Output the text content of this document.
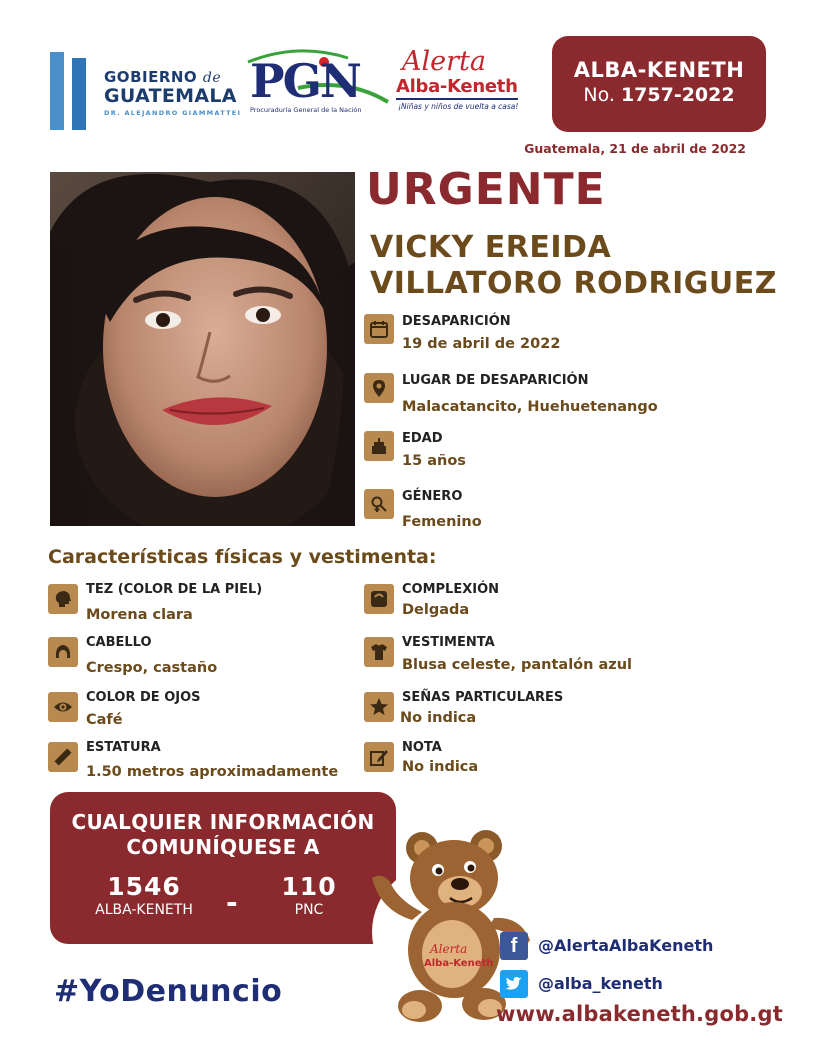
GOBIERNO de
GUATEMALA
DR. ALEJANDRO GIAMMATTEI
PGN
Procuraduría General de la Nación
Alerta
Alba-Keneth
¡Niñas y niños de vuelta a casa!
ALBA-KENETH
No. 1757-2022
Guatemala, 21 de abril de 2022
URGENTE
VICKY EREIDA
VILLATORO RODRIGUEZ
DESAPARICIÓN
19 de abril de 2022
LUGAR DE DESAPARICIÓN
Malacatancito, Huehuetenango
EDAD
15 años
GÉNERO
Femenino
Características físicas y vestimenta:
TEZ (COLOR DE LA PIEL)
Morena clara
CABELLO
Crespo, castaño
COLOR DE OJOS
Café
ESTATURA
1.50 metros aproximadamente
COMPLEXIÓN
Delgada
VESTIMENTA
Blusa celeste, pantalón azul
SEÑAS PARTICULARES
No indica
NOTA
No indica
CUALQUIER INFORMACIÓN
COMUNÍQUESE A
1546
ALBA-KENETH	-	110
PNC
#YoDenuncio
Alerta
Alba-Keneth
f	@AlertaAlbaKeneth
@alba_keneth
www.albakeneth.gob.gt
